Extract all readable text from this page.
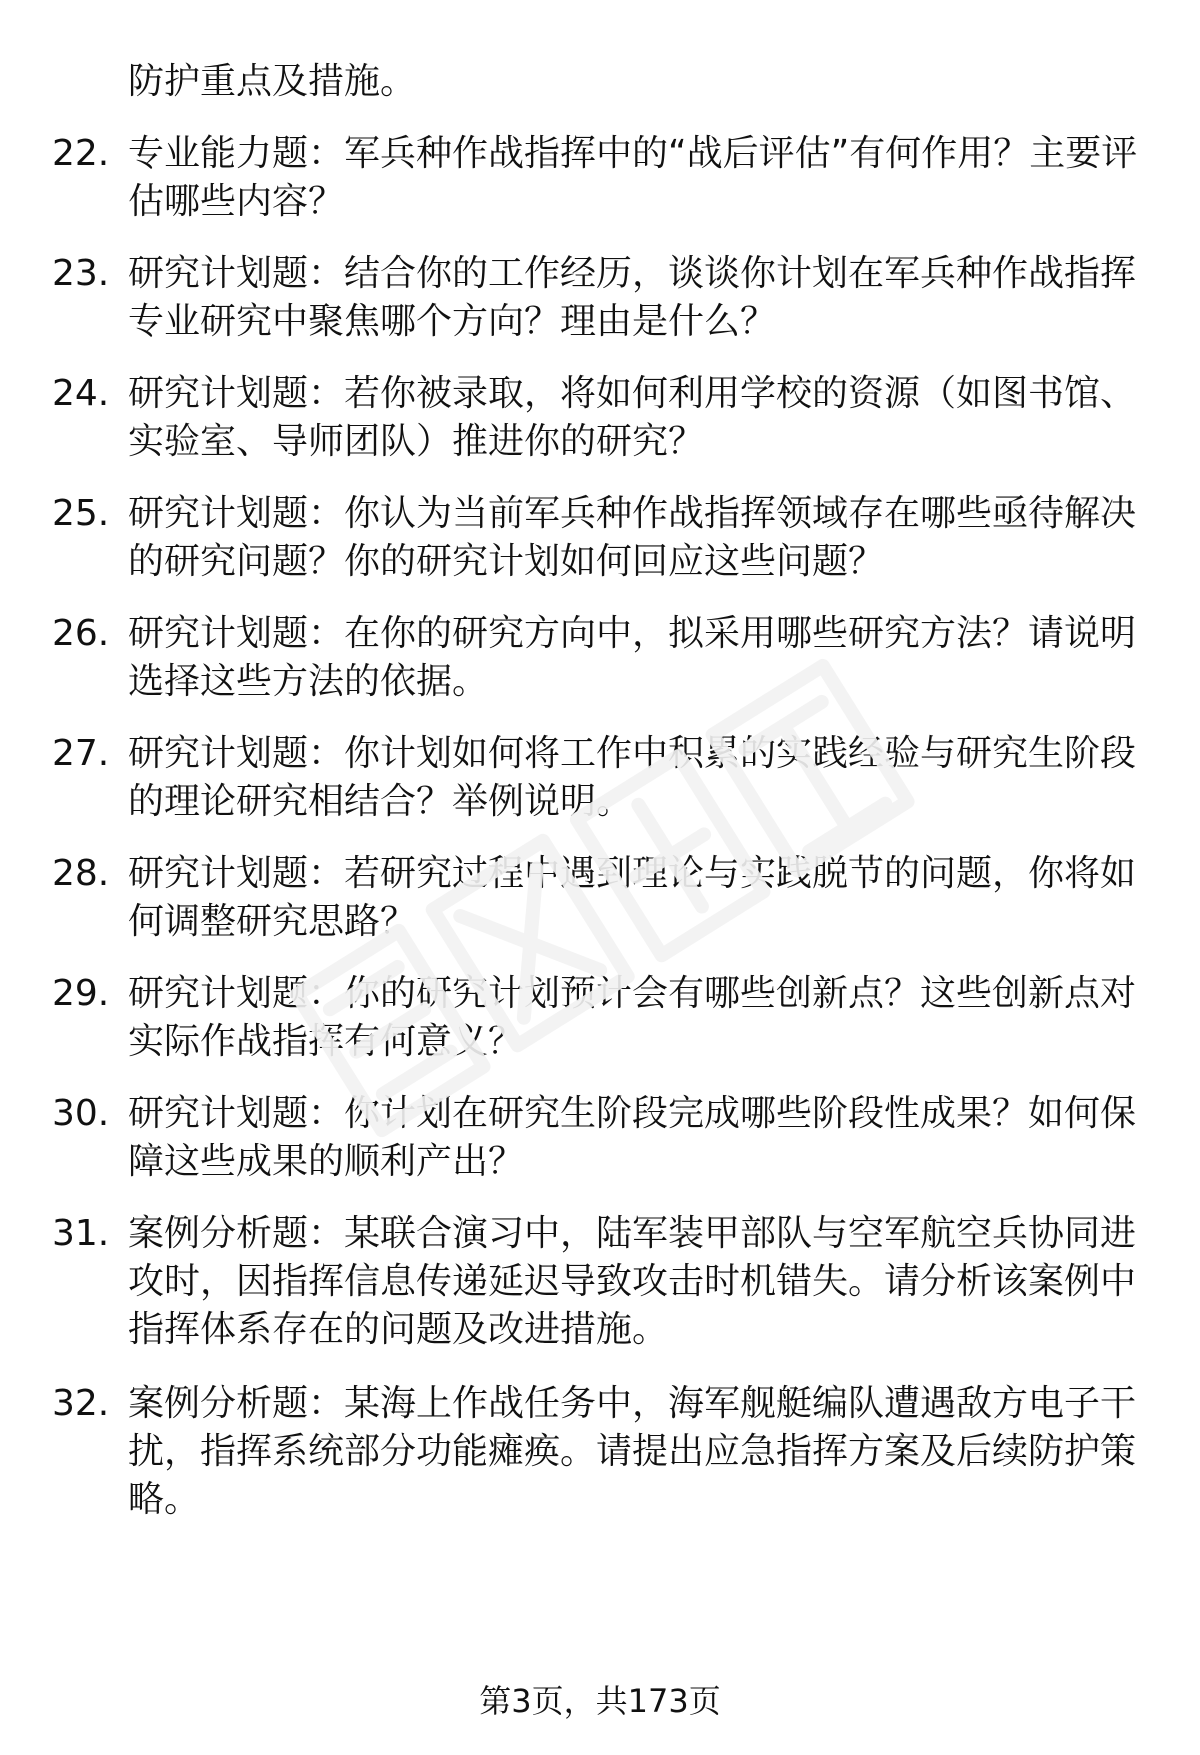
防护重点及措施。
22. 专业能力题：军兵种作战指挥中的“战后评估”有何作用？主要评估哪些内容？
23. 研究计划题：结合你的工作经历，谈谈你计划在军兵种作战指挥专业研究中聚焦哪个方向？理由是什么？
24. 研究计划题：若你被录取，将如何利用学校的资源（如图书馆、实验室、导师团队）推进你的研究？
25. 研究计划题：你认为当前军兵种作战指挥领域存在哪些亟待解决的研究问题？你的研究计划如何回应这些问题？
26. 研究计划题：在你的研究方向中，拟采用哪些研究方法？请说明选择这些方法的依据。
27. 研究计划题：你计划如何将工作中积累的实践经验与研究生阶段的理论研究相结合？举例说明。
28. 研究计划题：若研究过程中遇到理论与实践脱节的问题，你将如何调整研究思路？
29. 研究计划题：你的研究计划预计会有哪些创新点？这些创新点对实际作战指挥有何意义？
30. 研究计划题：你计划在研究生阶段完成哪些阶段性成果？如何保障这些成果的顺利产出？
31. 案例分析题：某联合演习中，陆军装甲部队与空军航空兵协同进攻时，因指挥信息传递延迟导致攻击时机错失。请分析该案例中指挥体系存在的问题及改进措施。
32. 案例分析题：某海上作战任务中，海军舰艇编队遭遇敌方电子干扰，指挥系统部分功能瘫痪。请提出应急指挥方案及后续防护策略。
第3页，共173页
